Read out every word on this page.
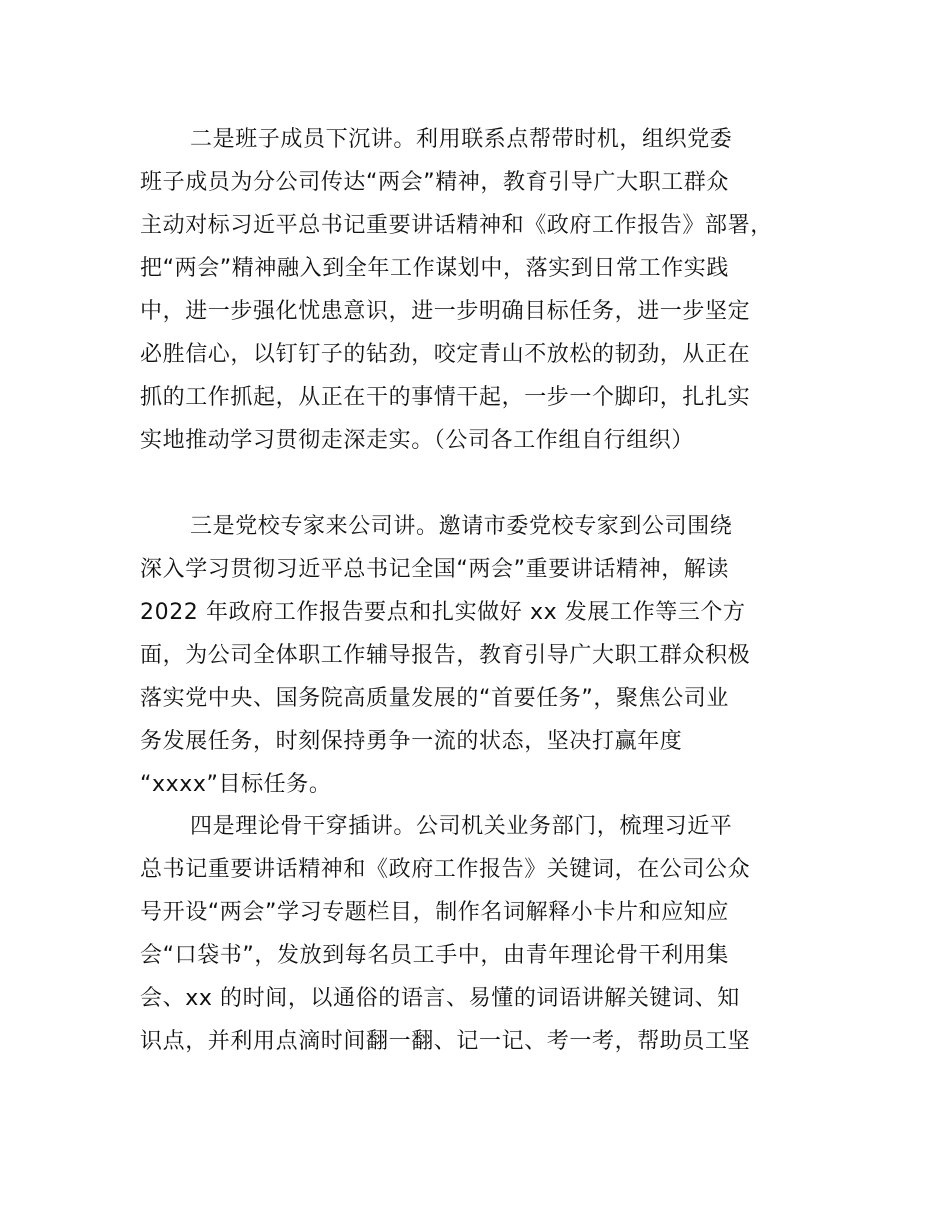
二是班子成员下沉讲。利用联系点帮带时机，组织党委
班子成员为分公司传达“两会”精神，教育引导广大职工群众
主动对标习近平总书记重要讲话精神和《政府工作报告》部署，
把“两会”精神融入到全年工作谋划中，落实到日常工作实践
中，进一步强化忧患意识，进一步明确目标任务，进一步坚定
必胜信心，以钉钉子的钻劲，咬定青山不放松的韧劲，从正在
抓的工作抓起，从正在干的事情干起，一步一个脚印，扎扎实
实地推动学习贯彻走深走实。（公司各工作组自行组织）
三是党校专家来公司讲。邀请市委党校专家到公司围绕
深入学习贯彻习近平总书记全国“两会”重要讲话精神，解读
2022 年政府工作报告要点和扎实做好 xx 发展工作等三个方
面，为公司全体职工作辅导报告，教育引导广大职工群众积极
落实党中央、国务院高质量发展的“首要任务”，聚焦公司业
务发展任务，时刻保持勇争一流的状态，坚决打赢年度
“xxxx”目标任务。
四是理论骨干穿插讲。公司机关业务部门，梳理习近平
总书记重要讲话精神和《政府工作报告》关键词，在公司公众
号开设“两会”学习专题栏目，制作名词解释小卡片和应知应
会“口袋书”，发放到每名员工手中，由青年理论骨干利用集
会、xx 的时间，以通俗的语言、易懂的词语讲解关键词、知
识点，并利用点滴时间翻一翻、记一记、考一考，帮助员工坚
